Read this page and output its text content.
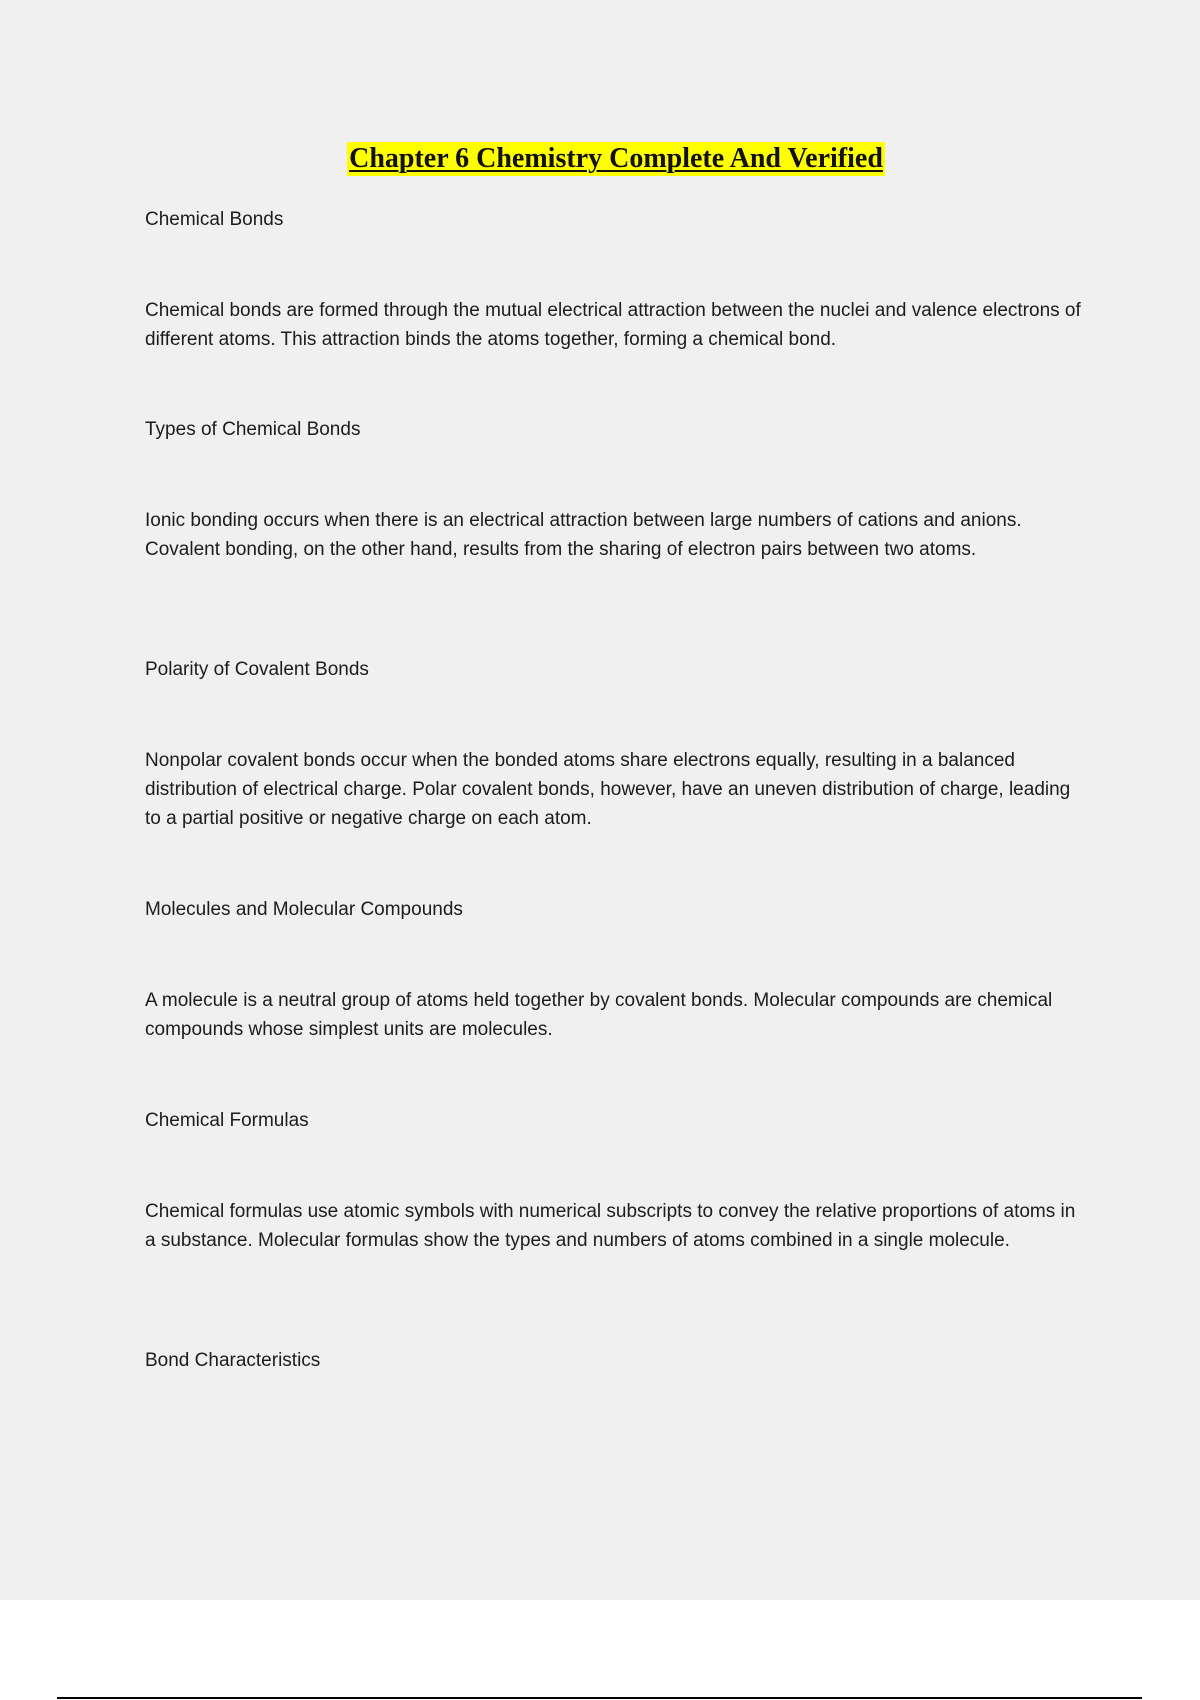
Chapter 6 Chemistry Complete And Verified
Chemical Bonds
Chemical bonds are formed through the mutual electrical attraction between the nuclei and valence electrons of different atoms. This attraction binds the atoms together, forming a chemical bond.
Types of Chemical Bonds
Ionic bonding occurs when there is an electrical attraction between large numbers of cations and anions. Covalent bonding, on the other hand, results from the sharing of electron pairs between two atoms.
Polarity of Covalent Bonds
Nonpolar covalent bonds occur when the bonded atoms share electrons equally, resulting in a balanced distribution of electrical charge. Polar covalent bonds, however, have an uneven distribution of charge, leading to a partial positive or negative charge on each atom.
Molecules and Molecular Compounds
A molecule is a neutral group of atoms held together by covalent bonds. Molecular compounds are chemical compounds whose simplest units are molecules.
Chemical Formulas
Chemical formulas use atomic symbols with numerical subscripts to convey the relative proportions of atoms in a substance. Molecular formulas show the types and numbers of atoms combined in a single molecule.
Bond Characteristics
